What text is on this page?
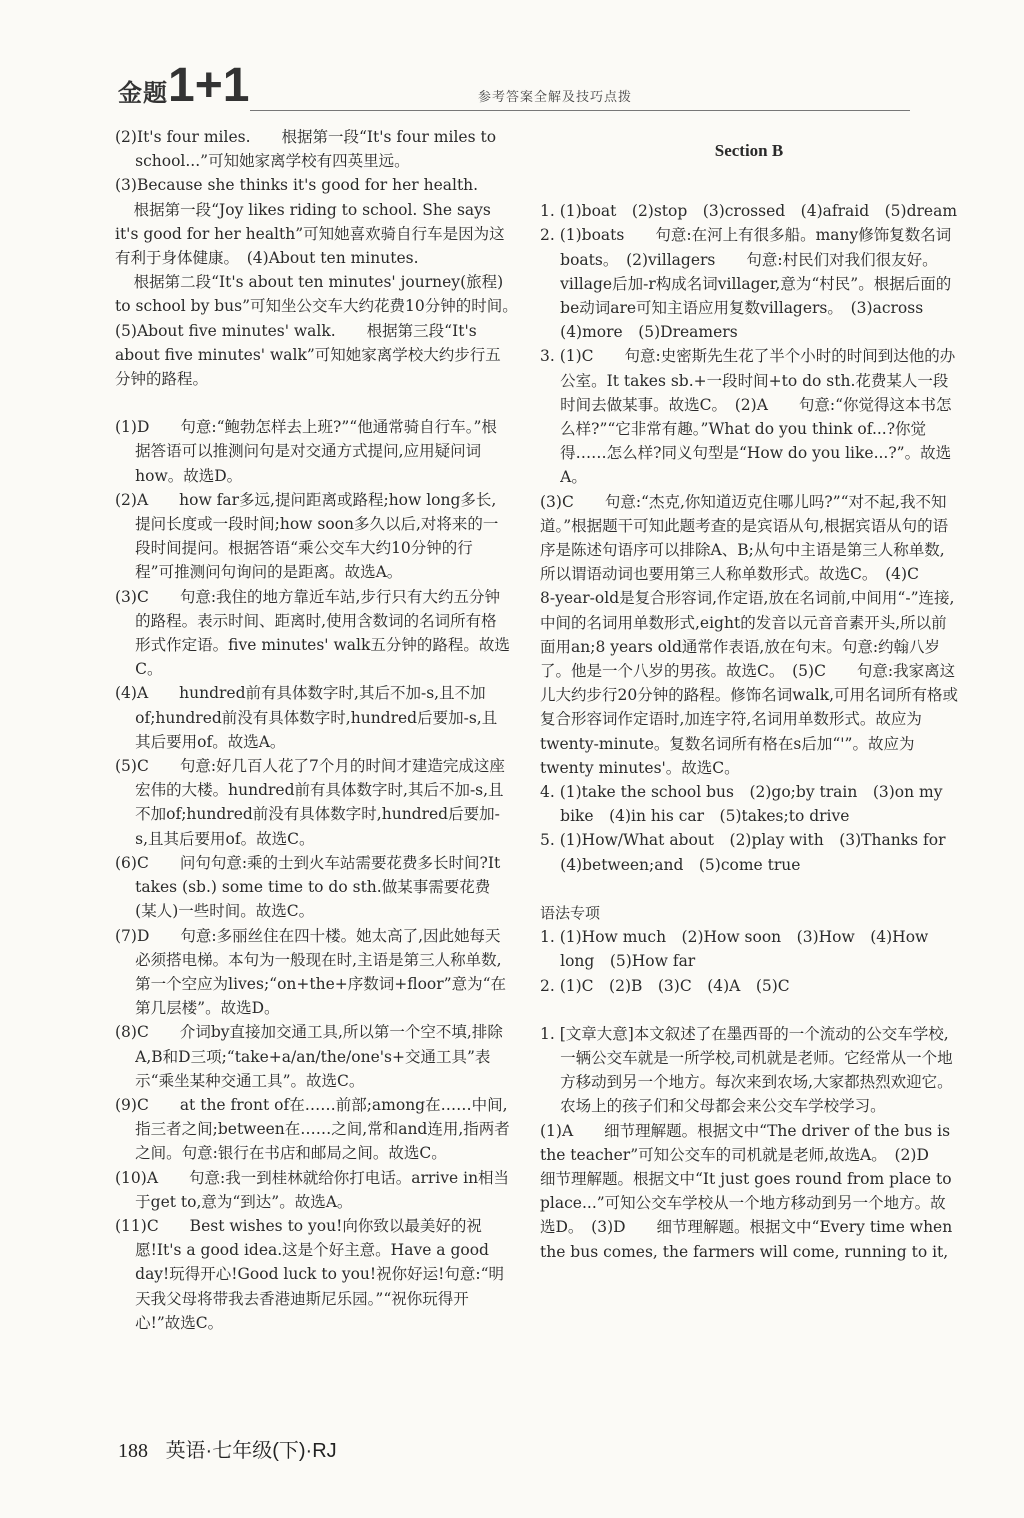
金题 1+1	参考答案全解及技巧点拨

(2)It's four miles.　　根据第一段“It's four miles to school...”可知她家离学校有四英里远。

(3)Because she thinks it's good for her health.

根据第一段“Joy likes riding to school. She says it's good for her health”可知她喜欢骑自行车是因为这有利于身体健康。　(4)About ten minutes.

根据第二段“It's about ten minutes' journey(旅程) to school by bus”可知坐公交车大约花费10分钟的时间。　(5)About five minutes' walk.　　根据第三段“It's about five minutes' walk”可知她家离学校大约步行五分钟的路程。

(1)D　　句意:“鲍勃怎样去上班?”“他通常骑自行车。”根据答语可以推测问句是对交通方式提问,应用疑问词how。故选D。

(2)A　　how far多远,提问距离或路程;how long多长,提问长度或一段时间;how soon多久以后,对将来的一段时间提问。根据答语“乘公交车大约10分钟的行程”可推测问句询问的是距离。故选A。

(3)C　　句意:我住的地方靠近车站,步行只有大约五分钟的路程。表示时间、距离时,使用含数词的名词所有格形式作定语。five minutes' walk五分钟的路程。故选C。

(4)A　　hundred前有具体数字时,其后不加-s,且不加of;hundred前没有具体数字时,hundred后要加-s,且其后要用of。故选A。

(5)C　　句意:好几百人花了7个月的时间才建造完成这座宏伟的大楼。hundred前有具体数字时,其后不加-s,且不加of;hundred前没有具体数字时,hundred后要加-s,且其后要用of。故选C。

(6)C　　问句句意:乘的士到火车站需要花费多长时间?It takes (sb.) some time to do sth.做某事需要花费(某人)一些时间。故选C。

(7)D　　句意:多丽丝住在四十楼。她太高了,因此她每天必须搭电梯。本句为一般现在时,主语是第三人称单数,第一个空应为lives;“on+the+序数词+floor”意为“在第几层楼”。故选D。

(8)C　　介词by直接加交通工具,所以第一个空不填,排除A,B和D三项;“take+a/an/the/one's+交通工具”表示“乘坐某种交通工具”。故选C。

(9)C　　at the front of在……前部;among在……中间,指三者之间;between在……之间,常和and连用,指两者之间。句意:银行在书店和邮局之间。故选C。

(10)A　　句意:我一到桂林就给你打电话。arrive in相当于get to,意为“到达”。故选A。

(11)C　　Best wishes to you!向你致以最美好的祝愿!It's a good idea.这是个好主意。Have a good day!玩得开心!Good luck to you!祝你好运!句意:“明天我父母将带我去香港迪斯尼乐园。”“祝你玩得开心!”故选C。

Section B

1. (1)boat　(2)stop　(3)crossed　(4)afraid　(5)dream

2. (1)boats　　句意:在河上有很多船。many修饰复数名词boats。　(2)villagers　　句意:村民们对我们很友好。village后加-r构成名词villager,意为“村民”。根据后面的be动词are可知主语应用复数villagers。　(3)across　(4)more　(5)Dreamers

3. (1)C　　句意:史密斯先生花了半个小时的时间到达他的办公室。It takes sb.+一段时间+to do sth.花费某人一段时间去做某事。故选C。　(2)A　　句意:“你觉得这本书怎么样?”“它非常有趣。”What do you think of...?你觉得……怎么样?同义句型是“How do you like...?”。故选A。

(3)C　　句意:“杰克,你知道迈克住哪儿吗?”“对不起,我不知道。”根据题干可知此题考查的是宾语从句,根据宾语从句的语序是陈述句语序可以排除A、B;从句中主语是第三人称单数,所以谓语动词也要用第三人称单数形式。故选C。　(4)C　　8-year-old是复合形容词,作定语,放在名词前,中间用“-”连接,中间的名词用单数形式,eight的发音以元音音素开头,所以前面用an;8 years old通常作表语,放在句末。句意:约翰八岁了。他是一个八岁的男孩。故选C。　(5)C　　句意:我家离这儿大约步行20分钟的路程。修饰名词walk,可用名词所有格或复合形容词作定语时,加连字符,名词用单数形式。故应为twenty-minute。复数名词所有格在s后加“'”。故应为twenty minutes'。故选C。

4. (1)take the school bus　(2)go;by train　(3)on my bike　(4)in his car　(5)takes;to drive

5. (1)How/What about　(2)play with　(3)Thanks for　(4)between;and　(5)come true

语法专项

1. (1)How much　(2)How soon　(3)How　(4)How long　(5)How far

2. (1)C　(2)B　(3)C　(4)A　(5)C

1. [文章大意]本文叙述了在墨西哥的一个流动的公交车学校,一辆公交车就是一所学校,司机就是老师。它经常从一个地方移动到另一个地方。每次来到农场,大家都热烈欢迎它。农场上的孩子们和父母都会来公交车学校学习。

(1)A　　细节理解题。根据文中“The driver of the bus is the teacher”可知公交车的司机就是老师,故选A。　(2)D　　细节理解题。根据文中“It just goes round from place to place...”可知公交车学校从一个地方移动到另一个地方。故选D。　(3)D　　细节理解题。根据文中“Every time when the bus comes, the farmers will come, running to it,

188 英语·七年级(下)·RJ
